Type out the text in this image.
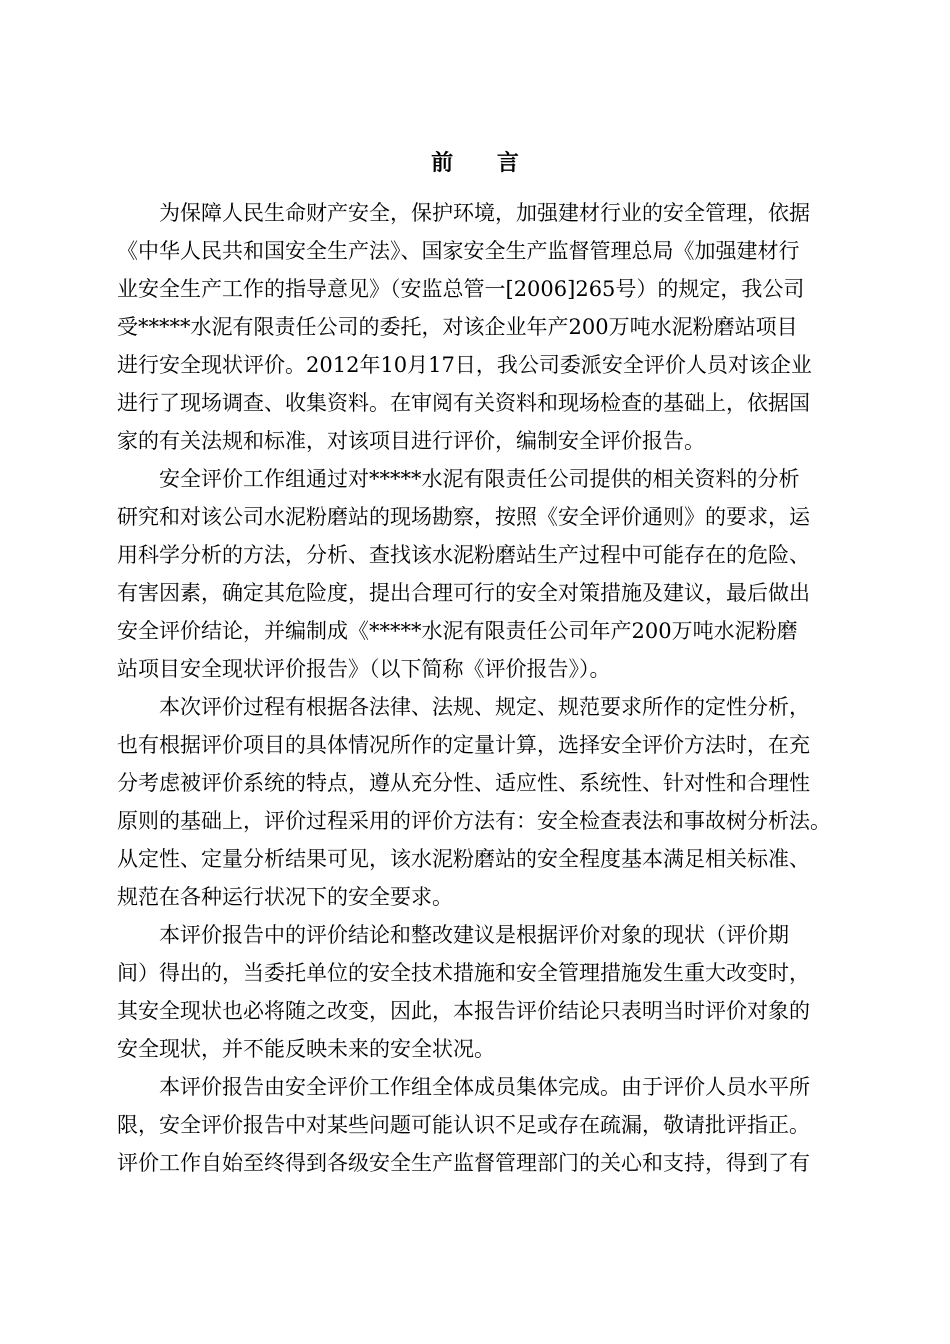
前 言
为保障人民生命财产安全，保护环境，加强建材行业的安全管理，依据
《中华人民共和国安全生产法》、国家安全生产监督管理总局《加强建材行
业安全生产工作的指导意见》（安监总管一[2006]265号）的规定，我公司
受*****水泥有限责任公司的委托，对该企业年产200万吨水泥粉磨站项目
进行安全现状评价。2012年10月17日，我公司委派安全评价人员对该企业
进行了现场调查、收集资料。在审阅有关资料和现场检查的基础上，依据国
家的有关法规和标准，对该项目进行评价，编制安全评价报告。
安全评价工作组通过对*****水泥有限责任公司提供的相关资料的分析
研究和对该公司水泥粉磨站的现场勘察，按照《安全评价通则》的要求，运
用科学分析的方法，分析、查找该水泥粉磨站生产过程中可能存在的危险、
有害因素，确定其危险度，提出合理可行的安全对策措施及建议，最后做出
安全评价结论，并编制成《*****水泥有限责任公司年产200万吨水泥粉磨
站项目安全现状评价报告》（以下简称《评价报告》）。
本次评价过程有根据各法律、法规、规定、规范要求所作的定性分析，
也有根据评价项目的具体情况所作的定量计算，选择安全评价方法时，在充
分考虑被评价系统的特点，遵从充分性、适应性、系统性、针对性和合理性
原则的基础上，评价过程采用的评价方法有：安全检查表法和事故树分析法。
从定性、定量分析结果可见，该水泥粉磨站的安全程度基本满足相关标准、
规范在各种运行状况下的安全要求。
本评价报告中的评价结论和整改建议是根据评价对象的现状（评价期
间）得出的，当委托单位的安全技术措施和安全管理措施发生重大改变时，
其安全现状也必将随之改变，因此，本报告评价结论只表明当时评价对象的
安全现状，并不能反映未来的安全状况。
本评价报告由安全评价工作组全体成员集体完成。由于评价人员水平所
限，安全评价报告中对某些问题可能认识不足或存在疏漏，敬请批评指正。
评价工作自始至终得到各级安全生产监督管理部门的关心和支持，得到了有
